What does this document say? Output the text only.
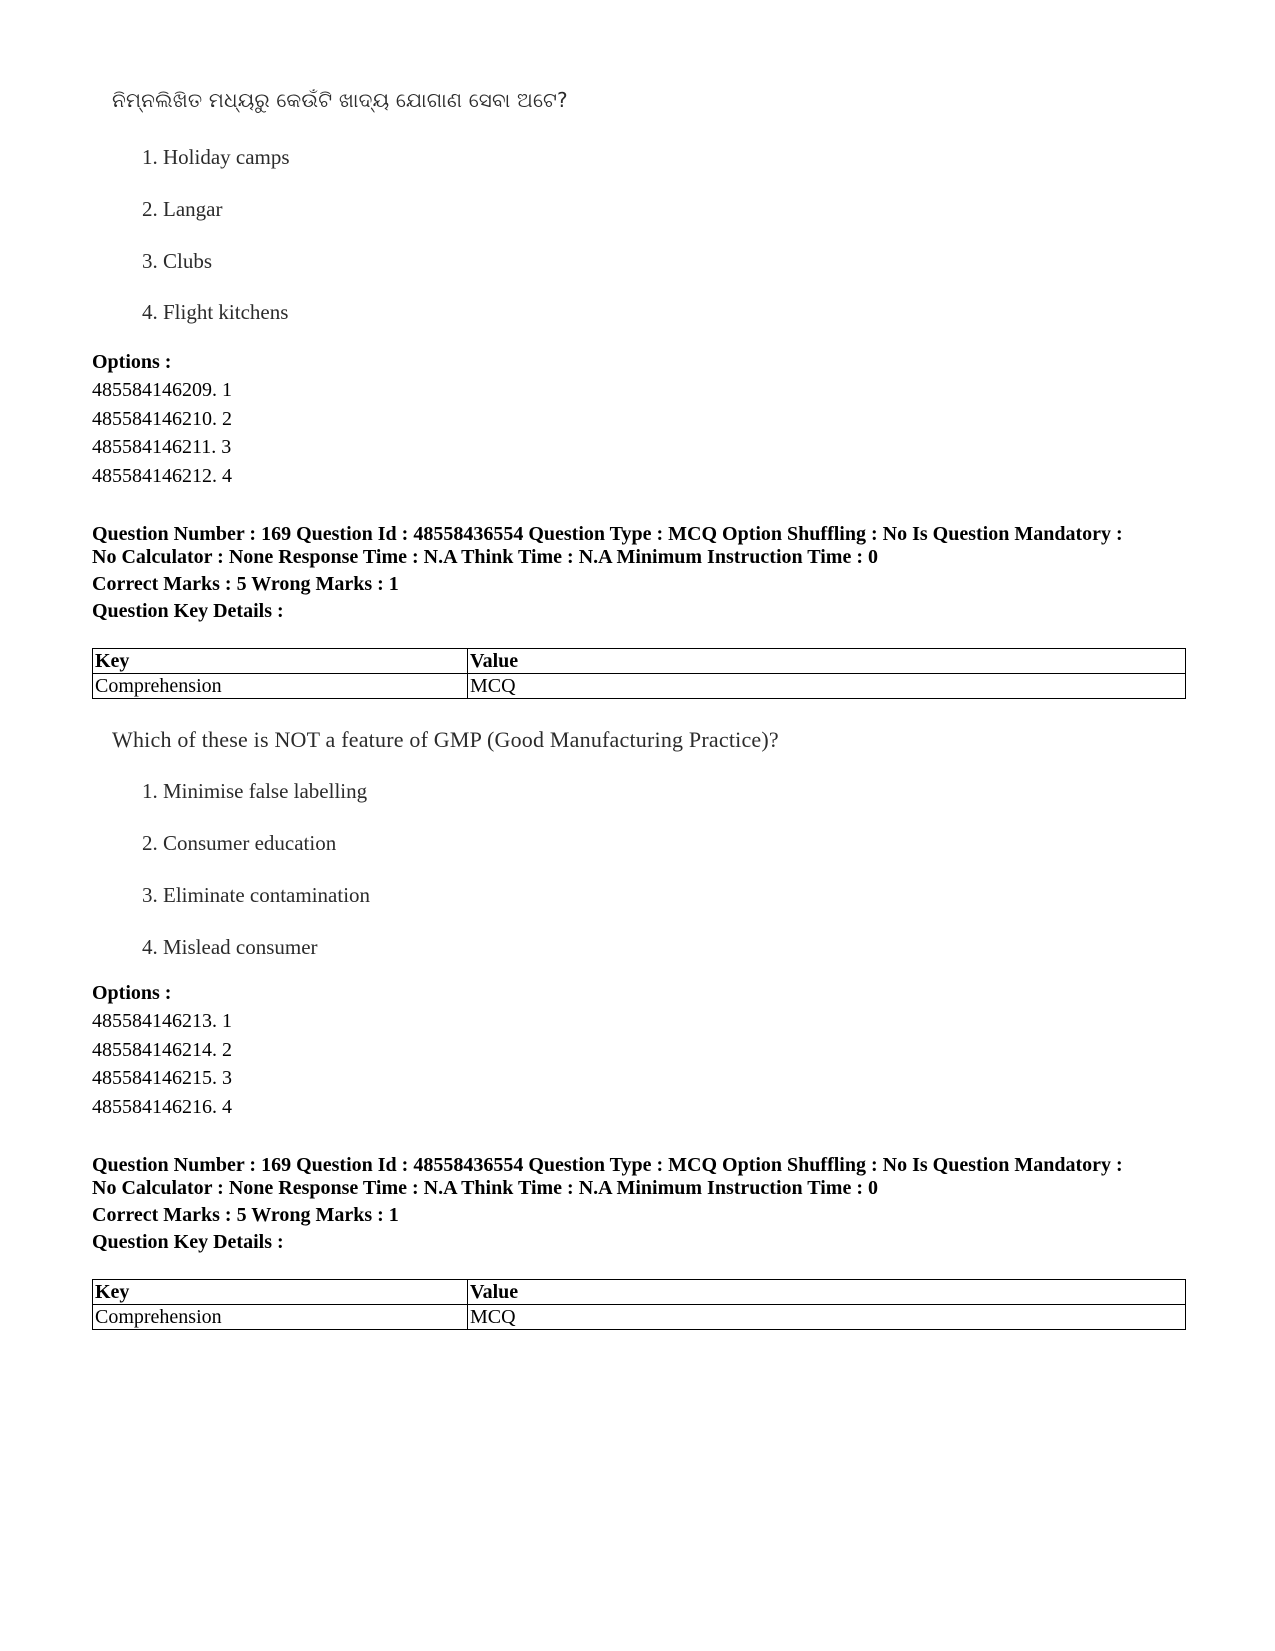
ନିମ୍ନଲିଖିତ ମଧ୍ୟରୁ କେଉଁଟି ଖାଦ୍ୟ ଯୋଗାଣ ସେବା ଅଟେ?

1. Holiday camps

2. Langar

3. Clubs

4. Flight kitchens

Options :

485584146209. 1

485584146210. 2

485584146211. 3

485584146212. 4

Question Number : 169 Question Id : 48558436554 Question Type : MCQ Option Shuffling : No Is Question Mandatory :

No Calculator : None Response Time : N.A Think Time : N.A Minimum Instruction Time : 0

Correct Marks : 5 Wrong Marks : 1

Question Key Details :

Key	Value
Comprehension	MCQ

Which of these is NOT a feature of GMP (Good Manufacturing Practice)?

1. Minimise false labelling

2. Consumer education

3. Eliminate contamination

4. Mislead consumer

Options :

485584146213. 1

485584146214. 2

485584146215. 3

485584146216. 4

Question Number : 169 Question Id : 48558436554 Question Type : MCQ Option Shuffling : No Is Question Mandatory :

No Calculator : None Response Time : N.A Think Time : N.A Minimum Instruction Time : 0

Correct Marks : 5 Wrong Marks : 1

Question Key Details :

Key	Value
Comprehension	MCQ
